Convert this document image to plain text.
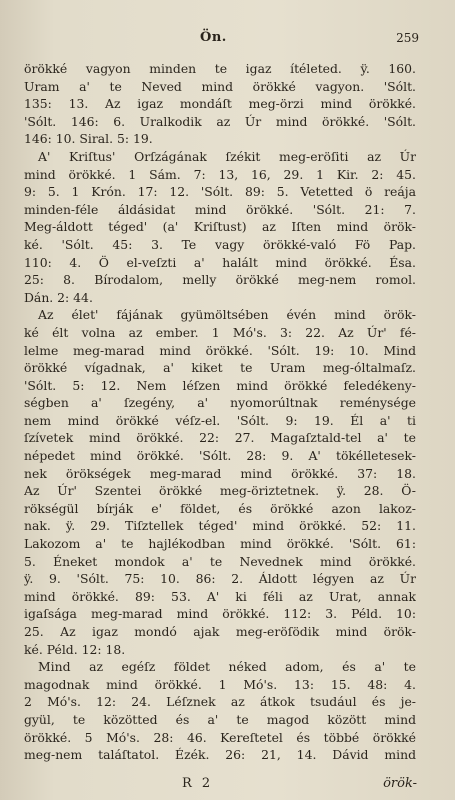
Ön.	259
örökké vagyon minden te igaz ítéleted. ÿ. 160.
Uram a' te Neved mind örökké vagyon. 'Sólt.
135: 13. Az igaz mondáſt meg-örzi mind örökké.
'Sólt. 146: 6. Uralkodik az Úr mind örökké. 'Sólt.
146: 10. Siral. 5: 19.
A' Kriſtus' Orſzágának ſzékit meg-eröſiti az Úr
mind örökké. 1 Sám. 7: 13, 16, 29. 1 Kir. 2: 45.
9: 5. 1 Krón. 17: 12. 'Sólt. 89: 5. Vetetted ö reája
minden-féle áldásidat mind örökké. 'Sólt. 21: 7.
Meg-áldott téged' (a' Kriſtust) az Iſten mind örök-
ké. 'Sólt. 45: 3. Te vagy örökké-való Fö Pap.
110: 4. Ö el-veſzti a' halált mind örökké. Ésa.
25: 8. Bírodalom, melly örökké meg-nem romol.
Dán. 2: 44.
Az élet' fájának gyümöltsében évén mind örök-
ké élt volna az ember. 1 Mó's. 3: 22. Az Úr' fé-
lelme meg-marad mind örökké. 'Sólt. 19: 10. Mind
örökké vígadnak, a' kiket te Uram meg-óltalmaſz.
'Sólt. 5: 12. Nem léſzen mind örökké feledékeny-
ségben a' ſzegény, a' nyomorúltnak reménysége
nem mind örökké véſz-el. 'Sólt. 9: 19. Él a' ti
ſzívetek mind örökké. 22: 27. Magaſztald-tel a' te
népedet mind örökké. 'Sólt. 28: 9. A' tökélletesek-
nek örökségek meg-marad mind örökké. 37: 18.
Az Úr' Szentei örökké meg-öriztetnek. ÿ. 28. Ö-
rökségül bírják e' földet, és örökké azon lakoz-
nak. ÿ. 29. Tiſztellek téged' mind örökké. 52: 11.
Lakozom a' te hajlékodban mind örökké. 'Sólt. 61:
5. Éneket mondok a' te Nevednek mind örökké.
ÿ. 9. 'Sólt. 75: 10. 86: 2. Áldott légyen az Úr
mind örökké. 89: 53. A' ki féli az Urat, annak
igaſsága meg-marad mind örökké. 112: 3. Péld. 10:
25. Az igaz mondó ajak meg-eröſödik mind örök-
ké. Péld. 12: 18.
Mind az egéſz földet néked adom, és a' te
magodnak mind örökké. 1 Mó's. 13: 15. 48: 4.
2 Mó's. 12: 24. Léſznek az átkok tsudául és je-
gyül, te közötted és a' te magod között mind
örökké. 5 Mó's. 28: 46. Kereſtetel és többé örökké
meg-nem taláſtatol. Ézék. 26: 21, 14. Dávid mind
R 2	örök-
